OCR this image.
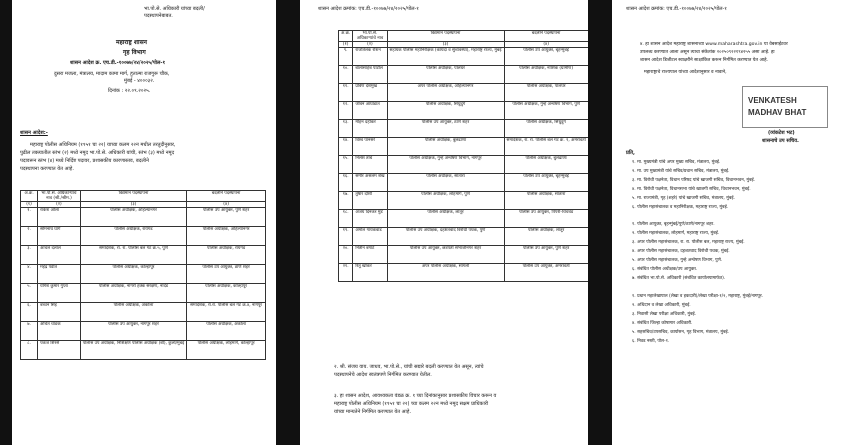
भा.पो.से. अधिकारी यांच्या बदली/
पदस्थापनेबाबत.
महाराष्ट्र शासन
गृह विभाग
शासन आदेश क्र. एच.डी.-१००७७/२४/२०२५/पोल-१
दुसरा मजला, मंत्रालय, मादाम कामा मार्ग, हुतात्मा राजगुरू चौक,
मुंबई - ४०००३२.
दिनांक : २२.०९.२०२५.
शासन आदेश:-
महाराष्ट्र पोलीस अधिनियम (१९५१ चा २२) याच्या कलम २२न मधील तरतुदीनुसार,
पुढील तक्त्यातील स्तंभ (२) मध्ये नमूद भा.पो.से. अधिकारी यांची, स्तंभ (३) मध्ये नमूद
पदावरून स्तंभ (४) मध्ये निर्दिष्ट पदावर, प्रशासकीय कारणास्तव, बदलीने
पदस्थापना करण्यात येत आहे.
अ.क्र.	भा.पो.से. अधिकाऱ्यांचे नाव (श्री./श्रीम.)	विद्यमान पदस्थापना	बदलीने पदस्थापना
(१)	(२)	(३)	(४)
१.	राकेश ओला	पोलीस अधीक्षक, अहिल्यानगर	पोलीस उप आयुक्त, पुणे शहर
२.	सोमनाथ घार्गे	पोलीस अधीक्षक, रायगड	पोलीस अधीक्षक, अहिल्यानगर
३.	आंचल दलाल	समादेशक, रा. रा. पोलीस बल गट क्र.५, पुणे	पोलीस अधीक्षक, रायगड
४.	महेंद्र पंडीत	पोलीस अधीक्षक, कोल्हापूर	पोलीस उप आयुक्त, ठाणे शहर
५.	योगेश कुमार गुप्ता	पोलीस अधीक्षक, नागरी हक्क संरक्षण, नांदेड	पोलीस अधीक्षक, कोल्हापूर
६.	बच्चन सिंह	पोलीस अधीक्षक, अकोला	समादेशक, रा.रा. पोलीस बल गट क्र.४, नागपूर
७.	अर्चित चांडक	पोलीस उप आयुक्त, नागपूर शहर	पोलीस अधीक्षक, अकोला
८.	पंकज शिरसे	पोलीस उप अधीक्षक, निशिक्षण पोलीस अधीक्षक (बी), कुर्ला/मुंबई	पोलीस अधीक्षक, लोहमार्ग, कोल्हापूर
शासन आदेश क्रमांक: एच.डी.-१००७७/२४/२०२५/पोल-१
अ.क्र.	भा.पो.से. अधिकाऱ्यांचे नाव	विद्यमान पदस्थापना	बदलीने पदस्थापना
(१)	(२)	(३)	(४)
९.	राजतिलक रोशन	सहायक पोलीस महानिरीक्षक (कायदा व सुव्यवस्था), महाराष्ट्र राज्य, मुंबई	पोलीस उप आयुक्त, बृहन्मुंबई
१०.	बालासाहेब पाटील	पोलीस अधीक्षक, पालघर	पोलीस अधीक्षक, नाशिक (ग्रामीण)
११.	प्रविण देशमुख	अपर पोलीस अधीक्षक, अहिल्यानगर	पोलीस अधीक्षक, पालघर
१२.	जीवन आघाडात	पोलीस अधीक्षक, सिंधुदुर्ग	पोलीस अधीक्षक, गुन्हे अन्वेषण विभाग, पुणे
१३.	मोहन दहीकर	पोलीस उप आयुक्त, ठाणे शहर	पोलीस अधीक्षक, सिंधुदुर्ग
१४.	विश्व पानसरे	पोलीस अधीक्षक, बुलढाणा	समादेशक, रा. रा. पोलीस बल गट क्र. १, अमरावती
१५.	निलेश तांबे	पोलीस अधीक्षक, गुन्हे अन्वेषण विभाग, नागपूर	पोलीस अधीक्षक, बुलढाणा
१६.	समीर असलम शेख	पोलीस अधीक्षक, सातारा	पोलीस उप आयुक्त, बृहन्मुंबई
१७.	तुषार दोशी	पोलीस अधीक्षक, लोहमार्ग, पुणे	पोलीस अधीक्षक, सातारा
१८.	अजय दिनकर मुंडे	पोलीस अधीक्षक, लातूर	पोलीस उप आयुक्त, पिंपरी-चिंचवड
१९.	अमोल गायकवाड	पोलीस उप अधीक्षक, दहशतवाद विरोधी पथक, पुणे	पोलीस अधीक्षक, लातूर
२०.	नितीन बगाटे	पोलीस उप आयुक्त, छत्रपती संभाजीनगर शहर	पोलीस उप आयुक्त, पुणे शहर
२१.	रितू खोकर	अपर पोलीस अधीक्षक, सांगली	पोलीस उप आयुक्त, अमरावती
२. श्री. संजय वाय. जाधव, भा.पो.से., यांची सद्यारे बदली करण्यात येत असून, त्यांचे
पदस्थापनेचे आदेश स्वतंत्रपणे निर्गमित करण्यात येतील.
३. हा शासन आदेश, आवश्यकता वंडळ क्र. १ च्या दिनांकानुसार प्रशासकीय विचार करून व
महाराष्ट्र पोलीस अधिनियम (१९५१ चा २२) च्या कलम २२न मध्ये नमूद सक्षम प्राधिकारी
यांच्या मान्यतेने निर्गमित करण्यात येत आहे.
शासन आदेश क्रमांक: एच.डी.-१००७७/२४/२०२५/पोल-१
४. हा शासन आदेश महाराष्ट्र शासनाच्या www.maharashtra.gov.in या वेबसाईटवर
उपलब्ध करण्यात आला असून त्याचा संकेतांक २०२५०९२२१९४२५५ असा आहे. हा
शासन आदेश डिजीटल स्वाक्षरीने साक्षांकित करून निर्गमित करण्यात येत आहे.
महाराष्ट्राचे राज्यपाल यांच्या आदेशानुसार व नावाने,
VENKATESH
MADHAV BHAT
(व्यंकटेश भट)
शासनाचे उप सचिव.
प्रति,
१. मा. मुख्यमंत्री यांचे अपर मुख्य सचिव, मंत्रालय, मुंबई.
२. मा. उप मुख्यमंत्री यांचे सचिव/प्रधान सचिव, मंत्रालय, मुंबई.
३. मा. विरोधी पक्षनेता, विधान परिषद यांचे खाजगी सचिव, विधानभवन, मुंबई.
४. मा. विरोधी पक्षनेता, विधानसभा यांचे खाजगी सचिव, विधानभवन, मुंबई.
५. मा. राज्यमंत्री, गृह (शहरे) यांचे खाजगी सचिव, मंत्रालय, मुंबई.
६. पोलीस महासंचालक व महानिरीक्षक, महाराष्ट्र राज्य, मुंबई.
१. पोलीस आयुक्त, बृहन्मुंबई/पुणे/ठाणे/नागपूर शहर.
२. पोलीस महासंचालक, लोहमार्ग, महाराष्ट्र राज्य, मुंबई.
३. अपर पोलीस महासंचालक, रा. रा. पोलीस बल, महाराष्ट्र राज्य, मुंबई.
४. अपर पोलीस महासंचालक, दहशतवाद विरोधी पथक, मुंबई.
५. अपर पोलीस महासंचालक, गुन्हे अन्वेषण विभाग, पुणे.
६. संबंधित पोलीस अधीक्षक/उप आयुक्त.
७. संबंधित भा.पो.से. अधिकारी (संबंधित कार्यालयामार्फत).
१. प्रधान महालेखापाल (लेखा व हकदारी)/लेखा परीक्षा-१/२, महाराष्ट्र, मुंबई/नागपूर.
२. अधिदान व लेखा अधिकारी, मुंबई.
३. निवासी लेखा परीक्षा अधिकारी, मुंबई.
४. संबंधित जिल्हा कोषागार अधिकारी.
५. सहसचिव/उपसचिव, कार्यासन, गृह विभाग, मंत्रालय, मुंबई.
६. निवड नस्ती, पोल-१.
